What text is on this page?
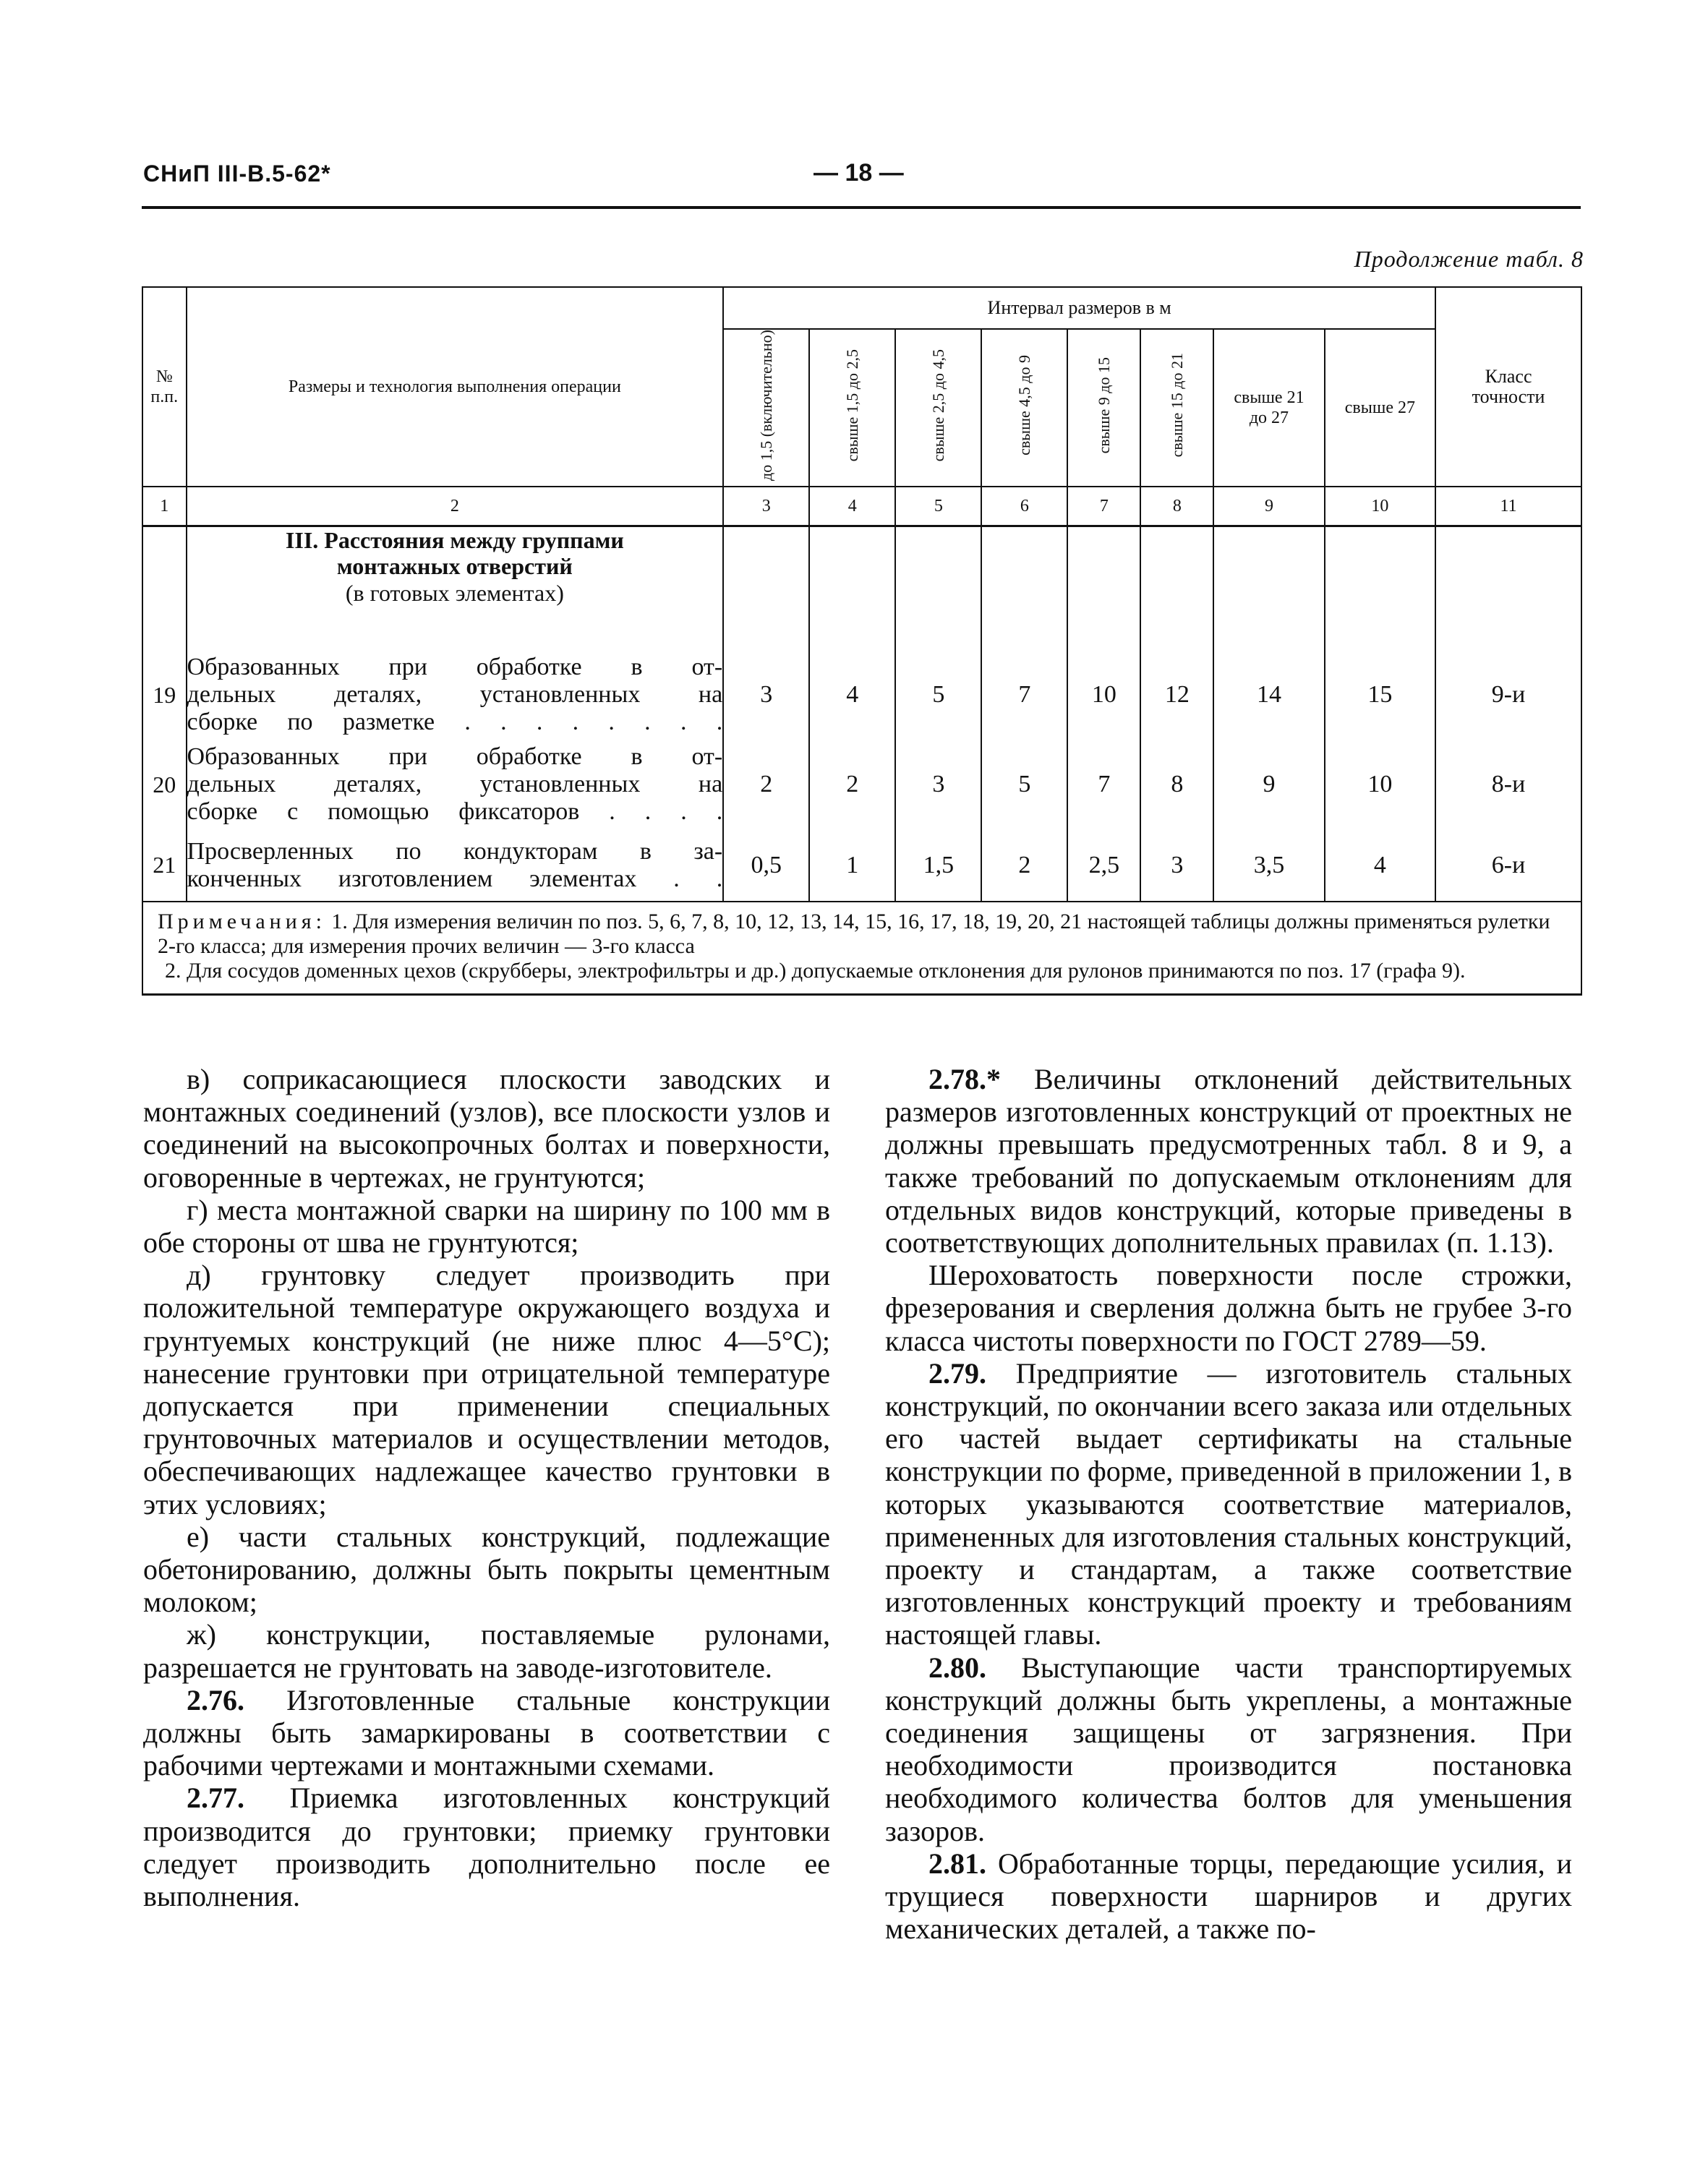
СНиП III-В.5-62*	— 18 —
Продолжение табл. 8
№ п.п.	Размеры и технология выполнения операции	Интервал размеров в м								Класс точности
		до 1,5 (включительно)	свыше 1,5 до 2,5	свыше 2,5 до 4,5	свыше 4,5 до 9	свыше 9 до 15	свыше 15 до 21	свыше 21 до 27	свыше 27	
1	2	3	4	5	6	7	8	9	10	11

	III. Расстояния между группами монтажных отверстий
(в готовых элементах)									

19	Образованных при обработке в от-
дельных деталях, установленных на
сборке по разметке . . . . . . . .	3	4	5	7	10	12	14	15	9-и
20	Образованных при обработке в от-
дельных деталях, установленных на
сборке с помощью фиксаторов . . . .	2	2	3	5	7	8	9	10	8-и
21	Просверленных по кондукторам в за-
конченных изготовлением элементах . .	0,5	1	1,5	2	2,5	3	3,5	4	6-и
Примечания: 1. Для измерения величин по поз. 5, 6, 7, 8, 10, 12, 13, 14, 15, 16, 17, 18, 19, 20, 21 настоящей таблицы должны применяться рулетки 2-го класса; для измерения прочих величин — 3-го класса
2. Для сосудов доменных цехов (скрубберы, электрофильтры и др.) допускаемые отклонения для рулонов принимаются по поз. 17 (графа 9).										

в) соприкасающиеся плоскости заводских и монтажных соединений (узлов), все плоскости узлов и соединений на высокопрочных болтах и поверхности, оговоренные в чертежах, не грунтуются;

г) места монтажной сварки на ширину по 100 мм в обе стороны от шва не грунтуются;

д) грунтовку следует производить при положительной температуре окружающего воздуха и грунтуемых конструкций (не ниже плюс 4—5°С); нанесение грунтовки при отрицательной температуре допускается при применении специальных грунтовочных материалов и осуществлении методов, обеспечивающих надлежащее качество грунтовки в этих условиях;

е) части стальных конструкций, подлежащие обетонированию, должны быть покрыты цементным молоком;

ж) конструкции, поставляемые рулонами, разрешается не грунтовать на заводе-изготовителе.

2.76. Изготовленные стальные конструкции должны быть замаркированы в соответствии с рабочими чертежами и монтажными схемами.

2.77. Приемка изготовленных конструкций производится до грунтовки; приемку грунтовки следует производить дополнительно после ее выполнения.

2.78.* Величины отклонений действительных размеров изготовленных конструкций от проектных не должны превышать предусмотренных табл. 8 и 9, а также требований по допускаемым отклонениям для отдельных видов конструкций, которые приведены в соответствующих дополнительных правилах (п. 1.13).

Шероховатость поверхности после строжки, фрезерования и сверления должна быть не грубее 3-го класса чистоты поверхности по ГОСТ 2789—59.

2.79. Предприятие — изготовитель стальных конструкций, по окончании всего заказа или отдельных его частей выдает сертификаты на стальные конструкции по форме, приведенной в приложении 1, в которых указываются соответствие материалов, примененных для изготовления стальных конструкций, проекту и стандартам, а также соответствие изготовленных конструкций проекту и требованиям настоящей главы.

2.80. Выступающие части транспортируемых конструкций должны быть укреплены, а монтажные соединения защищены от загрязнения. При необходимости производится постановка необходимого количества болтов для уменьшения зазоров.

2.81. Обработанные торцы, передающие усилия, и трущиеся поверхности шарниров и других механических деталей, а также по-
